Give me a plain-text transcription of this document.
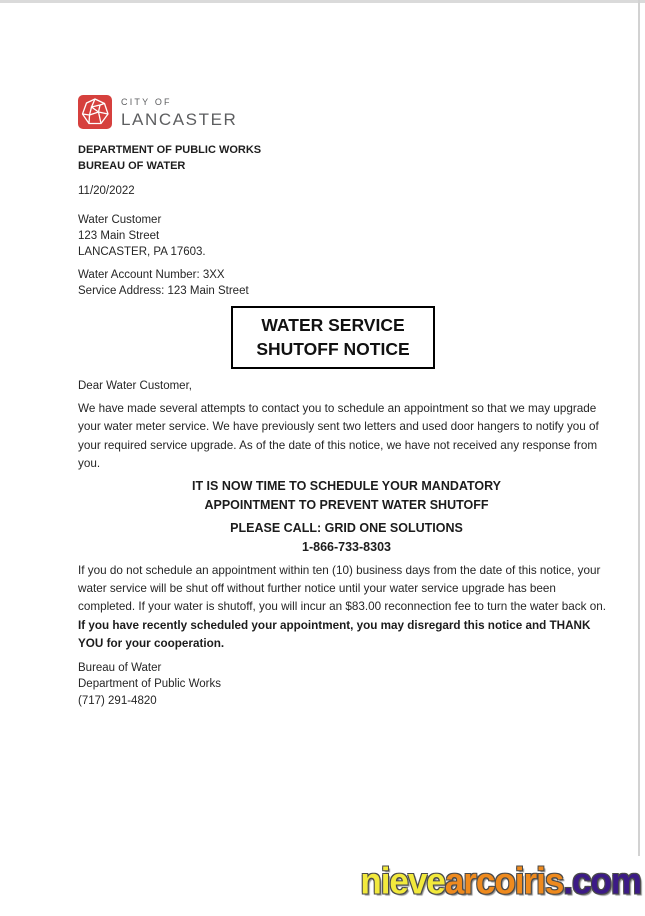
CITY OF
LANCASTER
DEPARTMENT OF PUBLIC WORKS
BUREAU OF WATER
11/20/2022
Water Customer
123 Main Street
LANCASTER, PA 17603.
Water Account Number: 3XX
Service Address: 123 Main Street
WATER SERVICE
SHUTOFF NOTICE
Dear Water Customer,
We have made several attempts to contact you to schedule an appointment so that we may upgrade your water meter service. We have previously sent two letters and used door hangers to notify you of your required service upgrade. As of the date of this notice, we have not received any response from you.
IT IS NOW TIME TO SCHEDULE YOUR MANDATORY
APPOINTMENT TO PREVENT WATER SHUTOFF
PLEASE CALL: GRID ONE SOLUTIONS
1-866-733-8303
If you do not schedule an appointment within ten (10) business days from the date of this notice, your water service will be shut off without further notice until your water service upgrade has been completed. If your water is shutoff, you will incur an $83.00 reconnection fee to turn the water back on. If you have recently scheduled your appointment, you may disregard this notice and THANK YOU for your cooperation.
Bureau of Water
Department of Public Works
(717) 291-4820
nievearcoiris.com
